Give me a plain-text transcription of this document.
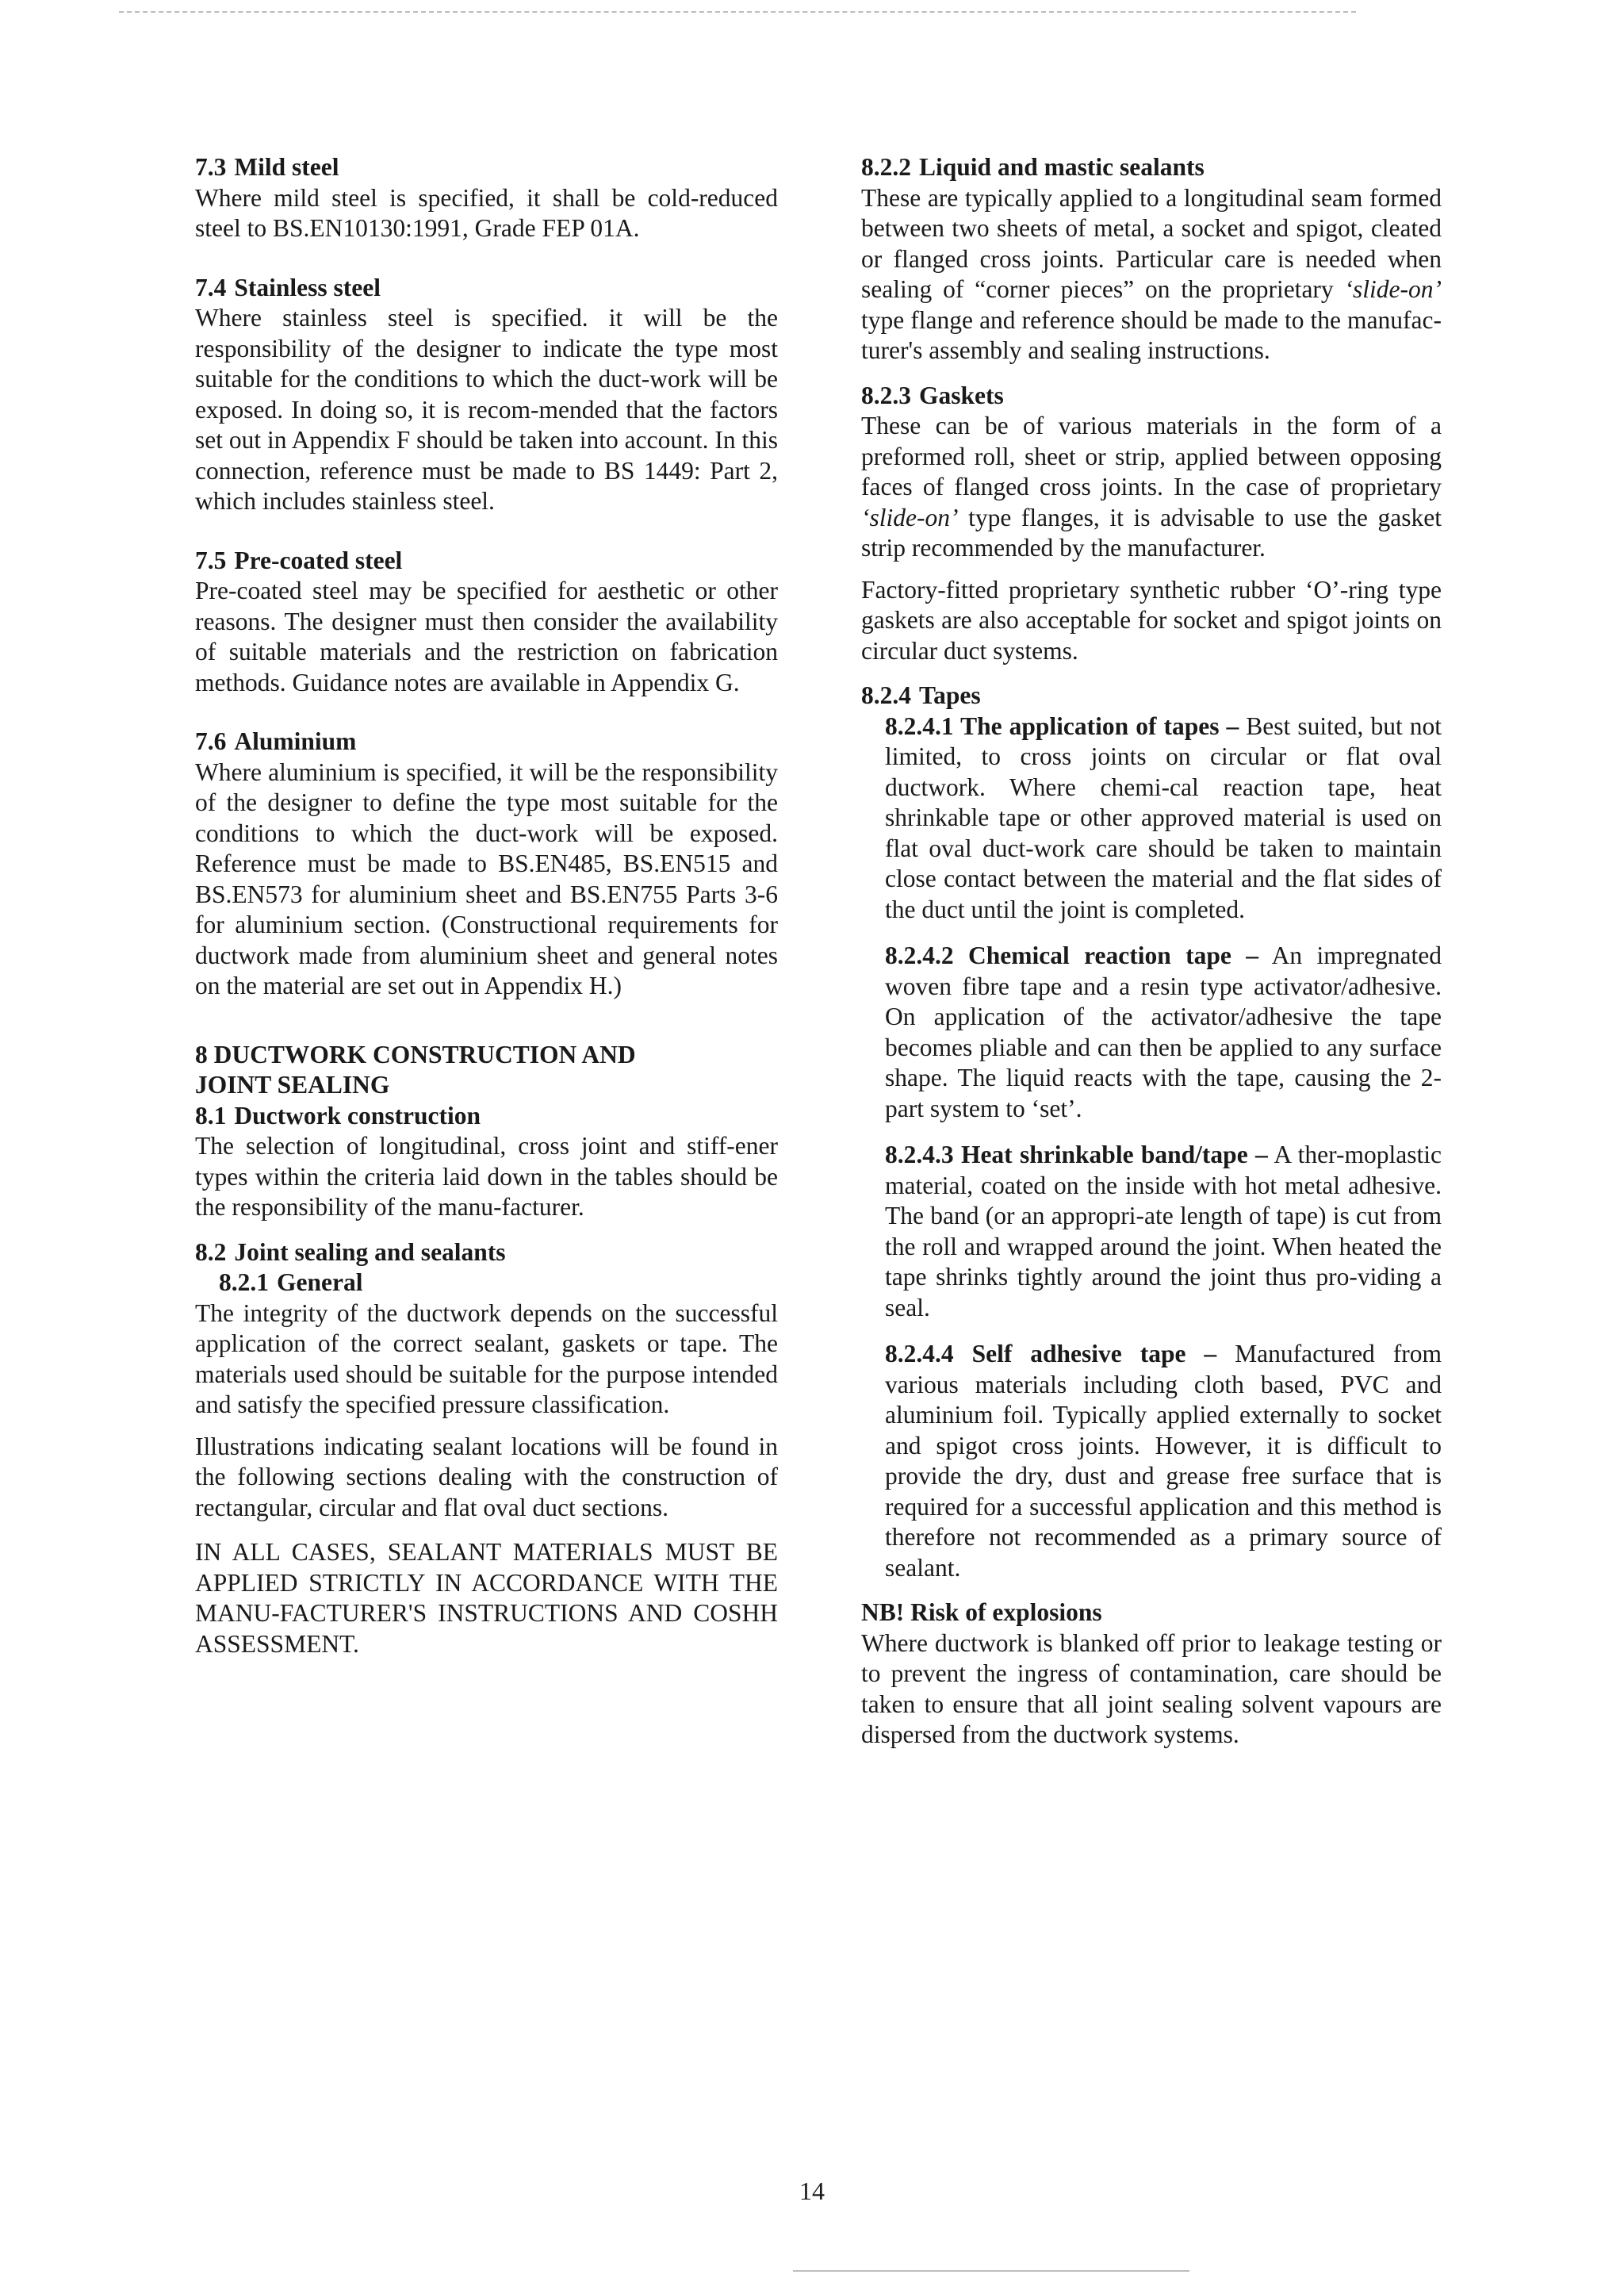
7.3 Mild steel

Where mild steel is specified, it shall be cold-reduced steel to BS.EN10130:1991, Grade FEP 01A.

7.4 Stainless steel

Where stainless steel is specified. it will be the responsibility of the designer to indicate the type most suitable for the conditions to which the duct-work will be exposed. In doing so, it is recom-mended that the factors set out in Appendix F should be taken into account. In this connection, reference must be made to BS 1449: Part 2, which includes stainless steel.

7.5 Pre-coated steel

Pre-coated steel may be specified for aesthetic or other reasons. The designer must then consider the availability of suitable materials and the restriction on fabrication methods. Guidance notes are available in Appendix G.

7.6 Aluminium

Where aluminium is specified, it will be the responsibility of the designer to define the type most suitable for the conditions to which the duct-work will be exposed. Reference must be made to BS.EN485, BS.EN515 and BS.EN573 for aluminium sheet and BS.EN755 Parts 3-6 for aluminium section. (Constructional requirements for ductwork made from aluminium sheet and general notes on the material are set out in Appendix H.)

8 DUCTWORK CONSTRUCTION AND
JOINT SEALING

8.1 Ductwork construction

The selection of longitudinal, cross joint and stiff-ener types within the criteria laid down in the tables should be the responsibility of the manu-facturer.

8.2 Joint sealing and sealants

8.2.1 General

The integrity of the ductwork depends on the successful application of the correct sealant, gaskets or tape. The materials used should be suitable for the purpose intended and satisfy the specified pressure classification.

Illustrations indicating sealant locations will be found in the following sections dealing with the construction of rectangular, circular and flat oval duct sections.

IN ALL CASES, SEALANT MATERIALS MUST BE APPLIED STRICTLY IN ACCORDANCE WITH THE MANU-FACTURER'S INSTRUCTIONS AND COSHH ASSESSMENT.

8.2.2 Liquid and mastic sealants

These are typically applied to a longitudinal seam formed between two sheets of metal, a socket and spigot, cleated or flanged cross joints. Particular care is needed when sealing of “corner pieces” on the proprietary ‘slide-on’ type flange and reference should be made to the manufac-turer's assembly and sealing instructions.

8.2.3 Gaskets

These can be of various materials in the form of a preformed roll, sheet or strip, applied between opposing faces of flanged cross joints. In the case of proprietary ‘slide-on’ type flanges, it is advisable to use the gasket strip recommended by the manufacturer.

Factory-fitted proprietary synthetic rubber ‘O’-ring type gaskets are also acceptable for socket and spigot joints on circular duct systems.

8.2.4 Tapes

8.2.4.1 The application of tapes – Best suited, but not limited, to cross joints on circular or flat oval ductwork. Where chemi-cal reaction tape, heat shrinkable tape or other approved material is used on flat oval duct-work care should be taken to maintain close contact between the material and the flat sides of the duct until the joint is completed.

8.2.4.2 Chemical reaction tape – An impregnated woven fibre tape and a resin type activator/adhesive. On application of the activator/adhesive the tape becomes pliable and can then be applied to any surface shape. The liquid reacts with the tape, causing the 2-part system to ‘set’.

8.2.4.3 Heat shrinkable band/tape – A ther-moplastic material, coated on the inside with hot metal adhesive. The band (or an appropri-ate length of tape) is cut from the roll and wrapped around the joint. When heated the tape shrinks tightly around the joint thus pro-viding a seal.

8.2.4.4 Self adhesive tape – Manufactured from various materials including cloth based, PVC and aluminium foil. Typically applied externally to socket and spigot cross joints. However, it is difficult to provide the dry, dust and grease free surface that is required for a successful application and this method is therefore not recommended as a primary source of sealant.

NB! Risk of explosions

Where ductwork is blanked off prior to leakage testing or to prevent the ingress of contamination, care should be taken to ensure that all joint sealing solvent vapours are dispersed from the ductwork systems.

14
